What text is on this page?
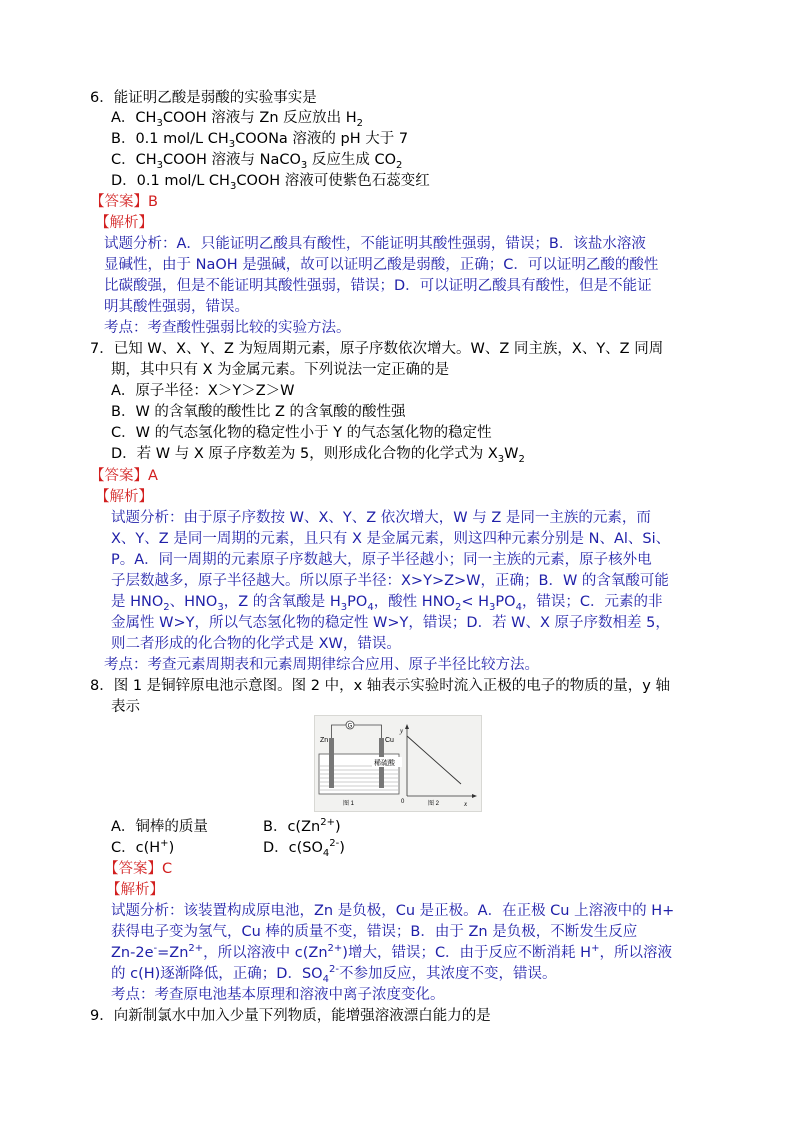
6．能证明乙酸是弱酸的实验事实是
A．$CH_3COOH$ 溶液与 Zn 反应放出 $H_2$
B．0.1 mol/L $CH_3COONa$ 溶液的 pH 大于 7
C．$CH_3COOH$ 溶液与 NaCO$_3$ 反应生成 $CO_2$
D．0.1 mol/L $CH_3COOH$ 溶液可使紫色石蕊变红
【答案】B
【解析】
试题分析：A．只能证明乙酸具有酸性，不能证明其酸性强弱，错误；B．该盐水溶液
显碱性，由于 NaOH 是强碱，故可以证明乙酸是弱酸，正确；C．可以证明乙酸的酸性
比碳酸强，但是不能证明其酸性强弱，错误；D．可以证明乙酸具有酸性，但是不能证
明其酸性强弱，错误。
考点：考查酸性强弱比较的实验方法。
7．已知 W、X、Y、Z 为短周期元素，原子序数依次增大。W、Z 同主族，X、Y、Z 同周
期，其中只有 X 为金属元素。下列说法一定正确的是
A．原子半径：X＞Y＞Z＞W
B．W 的含氧酸的酸性比 Z 的含氧酸的酸性强
C．W 的气态氢化物的稳定性小于 Y 的气态氢化物的稳定性
D．若 W 与 X 原子序数差为 5，则形成化合物的化学式为 $X_3W_2$
【答案】A
【解析】
试题分析：由于原子序数按 W、X、Y、Z 依次增大，W 与 Z 是同一主族的元素，而
X、Y、Z 是同一周期的元素，且只有 X 是金属元素，则这四种元素分别是 N、Al、Si、
P。A．同一周期的元素原子序数越大，原子半径越小；同一主族的元素，原子核外电
子层数越多，原子半径越大。所以原子半径：X>Y>Z>W，正确；B．W 的含氧酸可能
是 $HNO_2$、$HNO_3$，Z 的含氧酸是 $H_3PO_4$，酸性 $HNO_2< H_3PO_4$，错误；C．元素的非
金属性 W>Y，所以气态氢化物的稳定性 W>Y，错误；D．若 W、X 原子序数相差 5，
则二者形成的化合物的化学式是 XW，错误。
考点：考查元素周期表和元素周期律综合应用、原子半径比较方法。
8．图 1 是铜锌原电池示意图。图 2 中，x 轴表示实验时流入正极的电子的物质的量，y 轴
表示
G
Zn	Cu
稀硫酸
图 1
y
x
0	图 2
A．铜棒的质量	B．$c(Zn^{2+})$
C．c(H+)	D．$c(SO_4^{2-})$
【答案】C
【解析】
试题分析：该装置构成原电池，Zn 是负极，Cu 是正极。A．在正极 Cu 上溶液中的 H+
获得电子变为氢气，Cu 棒的质量不变，错误；B．由于 Zn 是负极，不断发生反应
$Zn-2e^-=Zn^{2+}$，所以溶液中 $c(Zn^{2+})$增大，错误；C．由于反应不断消耗 H+，所以溶液
的 c(H)逐渐降低，正确；D．$SO_4^{2-}$不参加反应，其浓度不变，错误。
考点：考查原电池基本原理和溶液中离子浓度变化。
9．向新制氯水中加入少量下列物质，能增强溶液漂白能力的是
